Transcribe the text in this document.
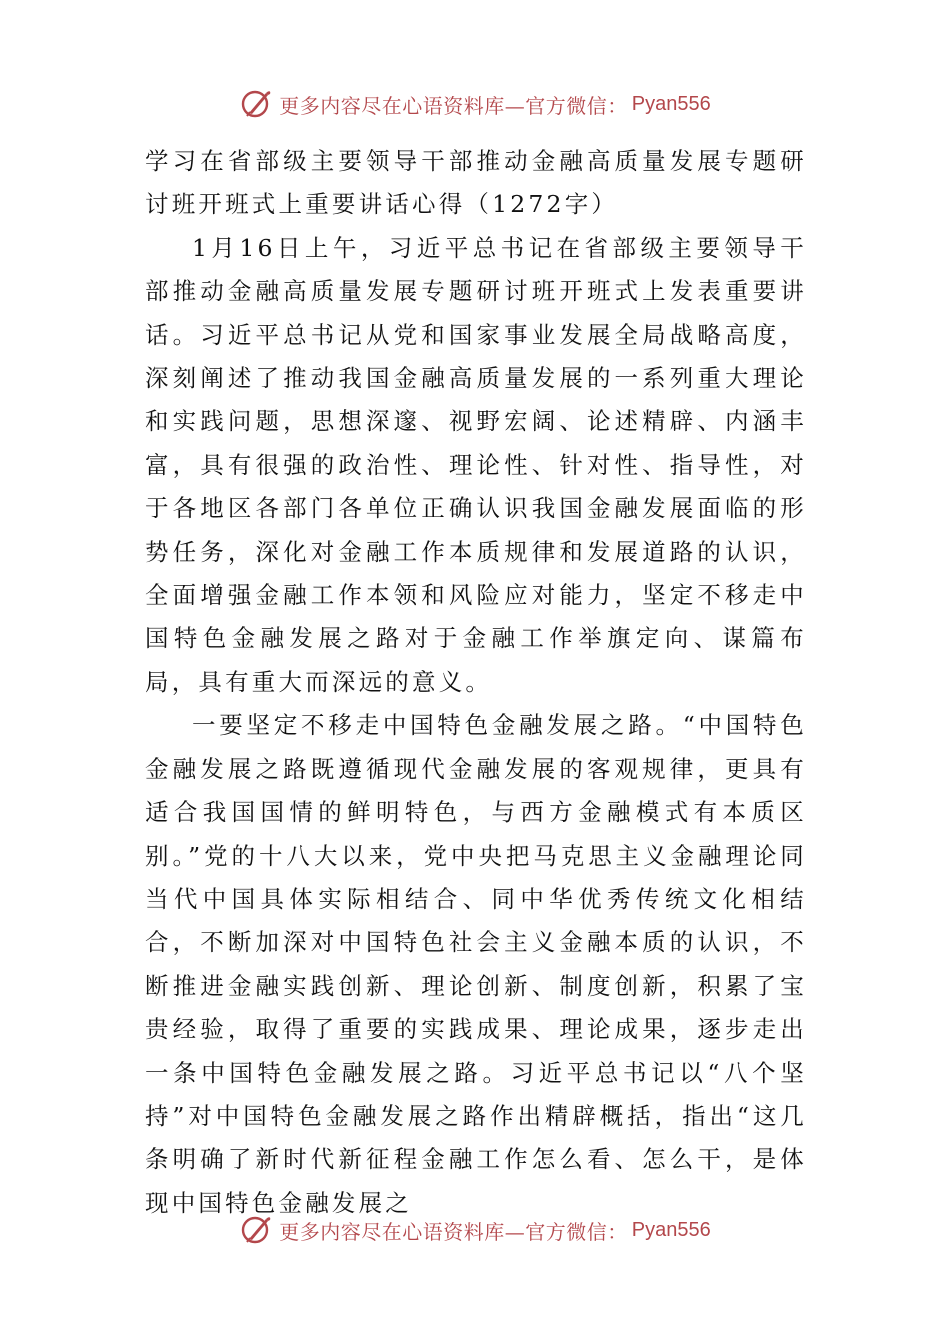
更多内容尽在心语资料库—官方微信： Pyan556

学习在省部级主要领导干部推动金融高质量发展专题研讨班开班式上重要讲话心得（1272字）

1月16日上午，习近平总书记在省部级主要领导干部推动金融高质量发展专题研讨班开班式上发表重要讲话。习近平总书记从党和国家事业发展全局战略高度，深刻阐述了推动我国金融高质量发展的一系列重大理论和实践问题，思想深邃、视野宏阔、论述精辟、内涵丰富，具有很强的政治性、理论性、针对性、指导性，对于各地区各部门各单位正确认识我国金融发展面临的形势任务，深化对金融工作本质规律和发展道路的认识，全面增强金融工作本领和风险应对能力，坚定不移走中国特色金融发展之路对于金融工作举旗定向、谋篇布局，具有重大而深远的意义。

一要坚定不移走中国特色金融发展之路。“中国特色金融发展之路既遵循现代金融发展的客观规律，更具有适合我国国情的鲜明特色，与西方金融模式有本质区别。”党的十八大以来，党中央把马克思主义金融理论同当代中国具体实际相结合、同中华优秀传统文化相结合，不断加深对中国特色社会主义金融本质的认识，不断推进金融实践创新、理论创新、制度创新，积累了宝贵经验，取得了重要的实践成果、理论成果，逐步走出一条中国特色金融发展之路。习近平总书记以“八个坚持”对中国特色金融发展之路作出精辟概括，指出“这几条明确了新时代新征程金融工作怎么看、怎么干，是体现中国特色金融发展之

更多内容尽在心语资料库—官方微信： Pyan556
